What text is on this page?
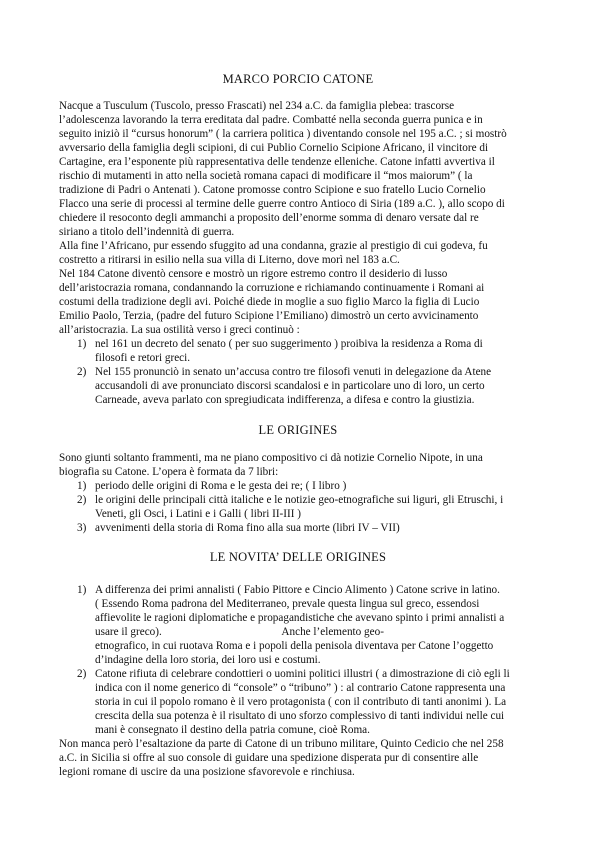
MARCO PORCIO CATONE
Nacque a Tusculum (Tuscolo, presso Frascati) nel 234 a.C. da famiglia plebea: trascorse
l’adolescenza lavorando la terra ereditata dal padre. Combatté nella seconda guerra punica e in
seguito iniziò il “cursus honorum” ( la carriera politica ) diventando console nel 195 a.C. ; si mostrò
avversario della famiglia degli scipioni, di cui Publio Cornelio Scipione Africano, il vincitore di
Cartagine, era l’esponente più rappresentativa delle tendenze elleniche. Catone infatti avvertiva il
rischio di mutamenti in atto nella società romana capaci di modificare il “mos maiorum” ( la
tradizione di Padri o Antenati ). Catone promosse contro Scipione e suo fratello Lucio Cornelio
Flacco una serie di processi al termine delle guerre contro Antioco di Siria (189 a.C. ), allo scopo di
chiedere il resoconto degli ammanchi a proposito dell’enorme somma di denaro versate dal re
siriano a titolo dell’indennità di guerra.
Alla fine l’Africano, pur essendo sfuggito ad una condanna, grazie al prestigio di cui godeva, fu
costretto a ritirarsi in esilio nella sua villa di Literno, dove morì nel 183 a.C.
Nel 184 Catone diventò censore e mostrò un rigore estremo contro il desiderio di lusso
dell’aristocrazia romana, condannando la corruzione e richiamando continuamente i Romani ai
costumi della tradizione degli avi. Poiché diede in moglie a suo figlio Marco la figlia di Lucio
Emilio Paolo, Terzia, (padre del futuro Scipione l’Emiliano) dimostrò un certo avvicinamento
all’aristocrazia. La sua ostilità verso i greci continuò :
1) nel 161 un decreto del senato ( per suo suggerimento ) proibiva la residenza a Roma di
filosofi e retori greci.
2) Nel 155 pronunciò in senato un’accusa contro tre filosofi venuti in delegazione da Atene
accusandoli di ave pronunciato discorsi scandalosi e in particolare uno di loro, un certo
Carneade, aveva parlato con spregiudicata indifferenza, a difesa e contro la giustizia.
LE ORIGINES
Sono giunti soltanto frammenti, ma ne piano compositivo ci dà notizie Cornelio Nipote, in una
biografia su Catone. L’opera è formata da 7 libri:
1) periodo delle origini di Roma e le gesta dei re; ( I libro )
2) le origini delle principali città italiche e le notizie geo-etnografiche sui liguri, gli Etruschi, i
Veneti, gli Osci, i Latini e i Galli ( libri II-III )
3) avvenimenti della storia di Roma fino alla sua morte (libri IV – VII)
LE NOVITA’ DELLE ORIGINES
1) A differenza dei primi annalisti ( Fabio Pittore e Cincio Alimento ) Catone scrive in latino.
( Essendo Roma padrona del Mediterraneo, prevale questa lingua sul greco, essendosi
affievolite le ragioni diplomatiche e propagandistiche che avevano spinto i primi annalisti a
usare il greco).                                           Anche l’elemento geo-
etnografico, in cui ruotava Roma e i popoli della penisola diventava per Catone l’oggetto
d’indagine della loro storia, dei loro usi e costumi.
2) Catone rifiuta di celebrare condottieri o uomini politici illustri ( a dimostrazione di ciò egli li
indica con il nome generico di “console” o “tribuno” ) : al contrario Catone rappresenta una
storia in cui il popolo romano è il vero protagonista ( con il contributo di tanti anonimi ). La
crescita della sua potenza è il risultato di uno sforzo complessivo di tanti individui nelle cui
mani è consegnato il destino della patria comune, cioè Roma.
Non manca però l’esaltazione da parte di Catone di un tribuno militare, Quinto Cedicio che nel 258
a.C. in Sicilia si offre al suo console di guidare una spedizione disperata pur di consentire alle
legioni romane di uscire da una posizione sfavorevole e rinchiusa.
